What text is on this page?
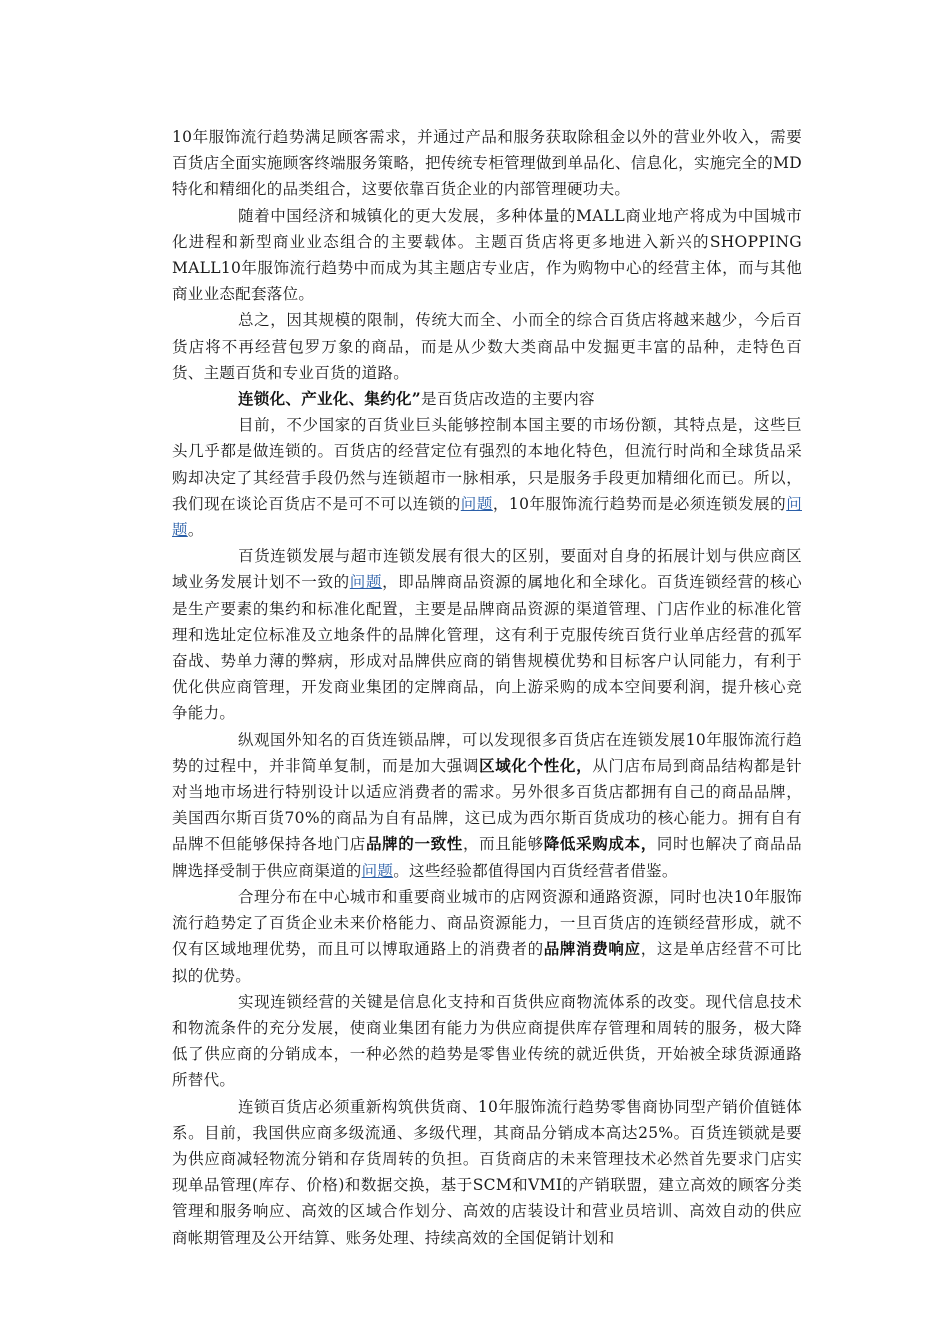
10年服饰流行趋势满足顾客需求，并通过产品和服务获取除租金以外的营业外收入，需要百货店全面实施顾客终端服务策略，把传统专柜管理做到单品化、信息化，实施完全的MD特化和精细化的品类组合，这要依靠百货企业的内部管理硬功夫。

随着中国经济和城镇化的更大发展，多种体量的MALL商业地产将成为中国城市化进程和新型商业业态组合的主要载体。主题百货店将更多地进入新兴的SHOPPING MALL10年服饰流行趋势中而成为其主题店专业店，作为购物中心的经营主体，而与其他商业业态配套落位。

总之，因其规模的限制，传统大而全、小而全的综合百货店将越来越少，今后百货店将不再经营包罗万象的商品，而是从少数大类商品中发掘更丰富的品种，走特色百货、主题百货和专业百货的道路。

连锁化、产业化、集约化”是百货店改造的主要内容

目前，不少国家的百货业巨头能够控制本国主要的市场份额，其特点是，这些巨头几乎都是做连锁的。百货店的经营定位有强烈的本地化特色，但流行时尚和全球货品采购却决定了其经营手段仍然与连锁超市一脉相承，只是服务手段更加精细化而已。所以，我们现在谈论百货店不是可不可以连锁的问题，10年服饰流行趋势而是必须连锁发展的问题。

百货连锁发展与超市连锁发展有很大的区别，要面对自身的拓展计划与供应商区域业务发展计划不一致的问题，即品牌商品资源的属地化和全球化。百货连锁经营的核心是生产要素的集约和标准化配置，主要是品牌商品资源的渠道管理、门店作业的标准化管理和选址定位标准及立地条件的品牌化管理，这有利于克服传统百货行业单店经营的孤军奋战、势单力薄的弊病，形成对品牌供应商的销售规模优势和目标客户认同能力，有利于优化供应商管理，开发商业集团的定牌商品，向上游采购的成本空间要利润，提升核心竞争能力。

纵观国外知名的百货连锁品牌，可以发现很多百货店在连锁发展10年服饰流行趋势的过程中，并非简单复制，而是加大强调区域化个性化，从门店布局到商品结构都是针对当地市场进行特别设计以适应消费者的需求。另外很多百货店都拥有自己的商品品牌，美国西尔斯百货70%的商品为自有品牌，这已成为西尔斯百货成功的核心能力。拥有自有品牌不但能够保持各地门店品牌的一致性，而且能够降低采购成本，同时也解决了商品品牌选择受制于供应商渠道的问题。这些经验都值得国内百货经营者借鉴。

合理分布在中心城市和重要商业城市的店网资源和通路资源，同时也决10年服饰流行趋势定了百货企业未来价格能力、商品资源能力，一旦百货店的连锁经营形成，就不仅有区域地理优势，而且可以博取通路上的消费者的品牌消费响应，这是单店经营不可比拟的优势。

实现连锁经营的关键是信息化支持和百货供应商物流体系的改变。现代信息技术和物流条件的充分发展，使商业集团有能力为供应商提供库存管理和周转的服务，极大降低了供应商的分销成本，一种必然的趋势是零售业传统的就近供货，开始被全球货源通路所替代。

连锁百货店必须重新构筑供货商、10年服饰流行趋势零售商协同型产销价值链体系。目前，我国供应商多级流通、多级代理，其商品分销成本高达25%。百货连锁就是要为供应商减轻物流分销和存货周转的负担。百货商店的未来管理技术必然首先要求门店实现单品管理(库存、价格)和数据交换，基于SCM和VMI的产销联盟，建立高效的顾客分类管理和服务响应、高效的区域合作划分、高效的店装设计和营业员培训、高效自动的供应商帐期管理及公开结算、账务处理、持续高效的全国促销计划和
